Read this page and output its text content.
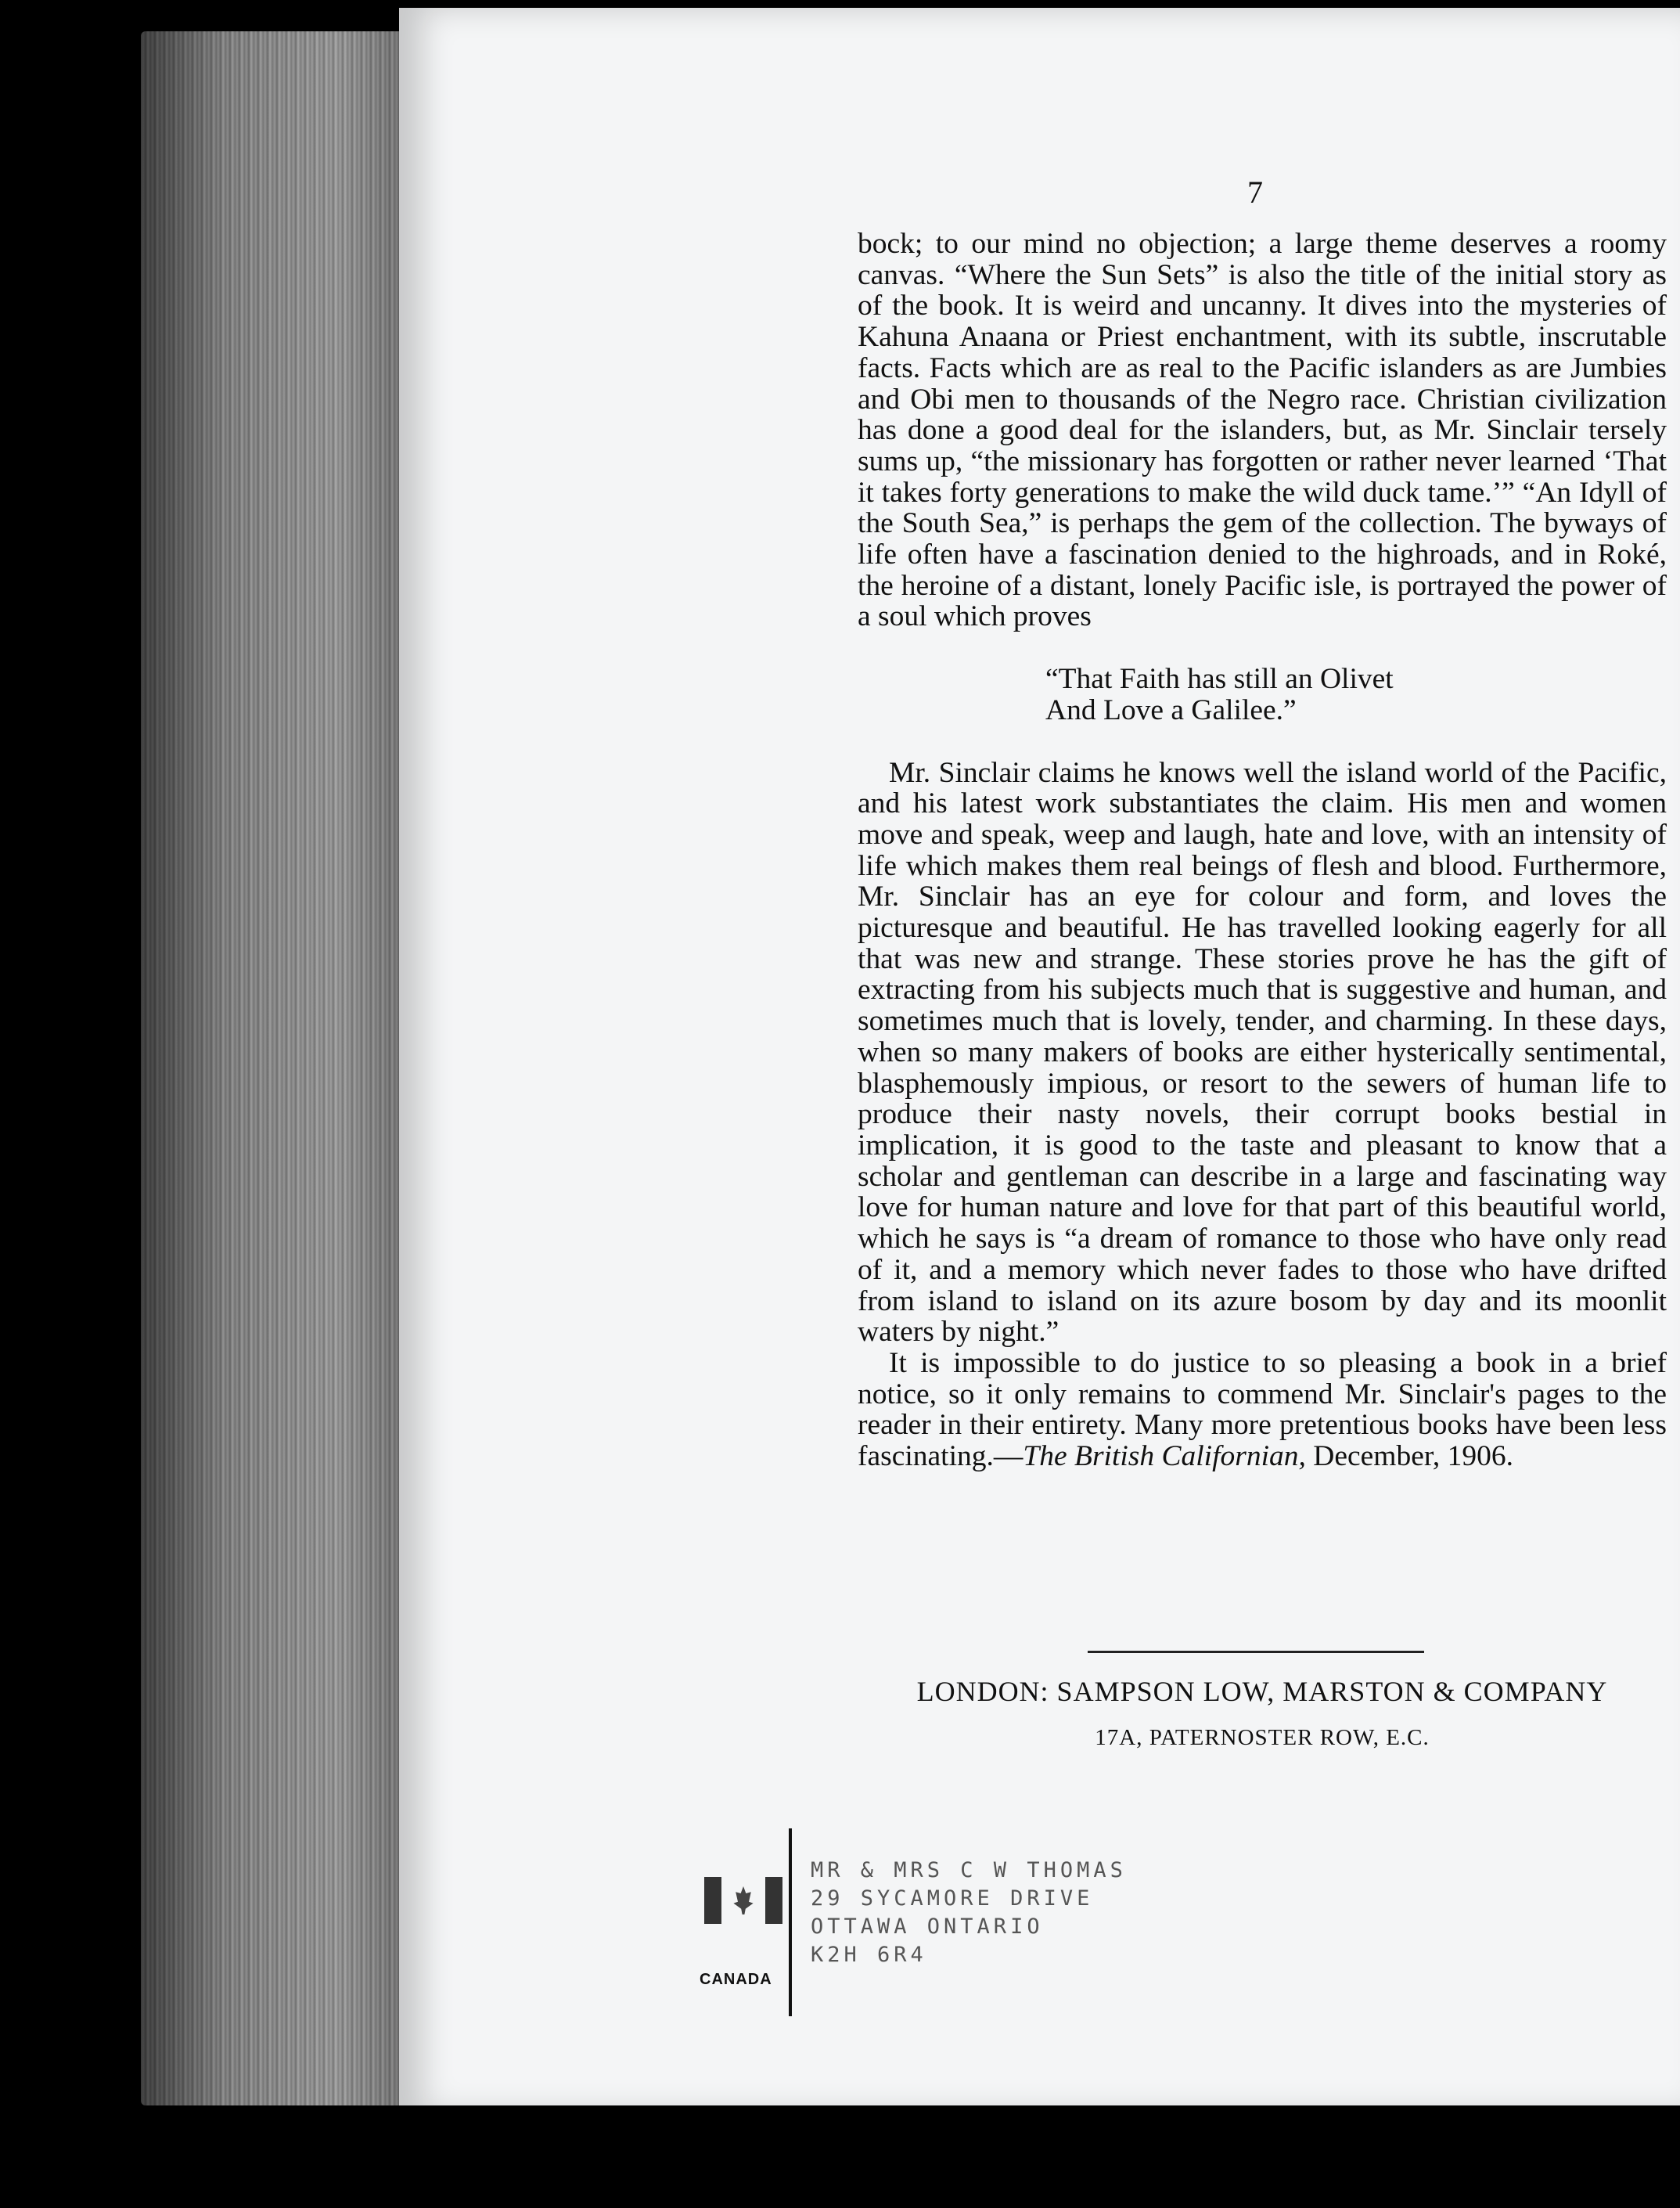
7

bock; to our mind no objection; a large theme deserves a roomy canvas. “Where the Sun Sets” is also the title of the initial story as of the book. It is weird and uncanny. It dives into the mysteries of Kahuna Anaana or Priest enchantment, with its subtle, inscrutable facts. Facts which are as real to the Pacific islanders as are Jumbies and Obi men to thousands of the Negro race. Christian civilization has done a good deal for the islanders, but, as Mr. Sinclair tersely sums up, “the missionary has forgotten or rather never learned ‘That it takes forty generations to make the wild duck tame.’” “An Idyll of the South Sea,” is perhaps the gem of the collection. The byways of life often have a fascination denied to the highroads, and in Roké, the heroine of a distant, lonely Pacific isle, is portrayed the power of a soul which proves

“That Faith has still an Olivet
And Love a Galilee.”

Mr. Sinclair claims he knows well the island world of the Pacific, and his latest work substantiates the claim. His men and women move and speak, weep and laugh, hate and love, with an intensity of life which makes them real beings of flesh and blood. Furthermore, Mr. Sinclair has an eye for colour and form, and loves the picturesque and beautiful. He has travelled looking eagerly for all that was new and strange. These stories prove he has the gift of extracting from his subjects much that is suggestive and human, and sometimes much that is lovely, tender, and charming. In these days, when so many makers of books are either hysterically sentimental, blasphemously impious, or resort to the sewers of human life to produce their nasty novels, their corrupt books bestial in implication, it is good to the taste and pleasant to know that a scholar and gentleman can describe in a large and fascinating way love for human nature and love for that part of this beautiful world, which he says is “a dream of romance to those who have only read of it, and a memory which never fades to those who have drifted from island to island on its azure bosom by day and its moonlit waters by night.”

It is impossible to do justice to so pleasing a book in a brief notice, so it only remains to commend Mr. Sinclair's pages to the reader in their entirety. Many more pretentious books have been less fascinating.—The British Californian, December, 1906.

LONDON: SAMPSON LOW, MARSTON & COMPANY
17A, PATERNOSTER ROW, E.C.
CANADA
MR & MRS C W THOMAS
29 SYCAMORE DRIVE
OTTAWA ONTARIO
K2H 6R4
